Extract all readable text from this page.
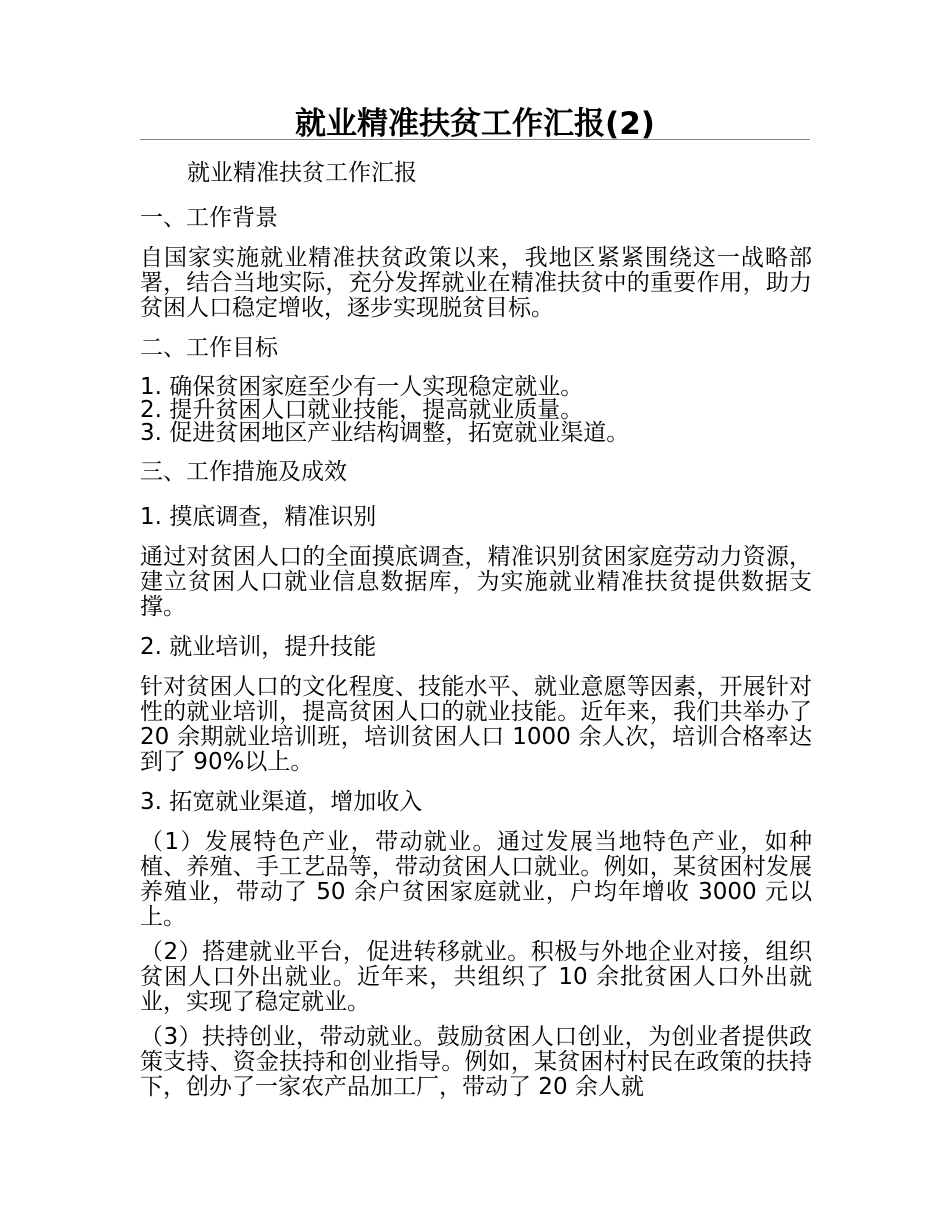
就业精准扶贫工作汇报(2)
就业精准扶贫工作汇报
一、工作背景
自国家实施就业精准扶贫政策以来，我地区紧紧围绕这一战略部署，结合当地实际，充分发挥就业在精准扶贫中的重要作用，助力贫困人口稳定增收，逐步实现脱贫目标。
二、工作目标
1. 确保贫困家庭至少有一人实现稳定就业。
2. 提升贫困人口就业技能，提高就业质量。
3. 促进贫困地区产业结构调整，拓宽就业渠道。
三、工作措施及成效
1. 摸底调查，精准识别
通过对贫困人口的全面摸底调查，精准识别贫困家庭劳动力资源，建立贫困人口就业信息数据库，为实施就业精准扶贫提供数据支撑。
2. 就业培训，提升技能
针对贫困人口的文化程度、技能水平、就业意愿等因素，开展针对性的就业培训，提高贫困人口的就业技能。近年来，我们共举办了 20 余期就业培训班，培训贫困人口 1000 余人次，培训合格率达到了 90%以上。
3. 拓宽就业渠道，增加收入
（1）发展特色产业，带动就业。通过发展当地特色产业，如种植、养殖、手工艺品等，带动贫困人口就业。例如，某贫困村发展养殖业，带动了 50 余户贫困家庭就业，户均年增收 3000 元以上。
（2）搭建就业平台，促进转移就业。积极与外地企业对接，组织贫困人口外出就业。近年来，共组织了 10 余批贫困人口外出就业，实现了稳定就业。
（3）扶持创业，带动就业。鼓励贫困人口创业，为创业者提供政策支持、资金扶持和创业指导。例如，某贫困村村民在政策的扶持下，创办了一家农产品加工厂，带动了 20 余人就
